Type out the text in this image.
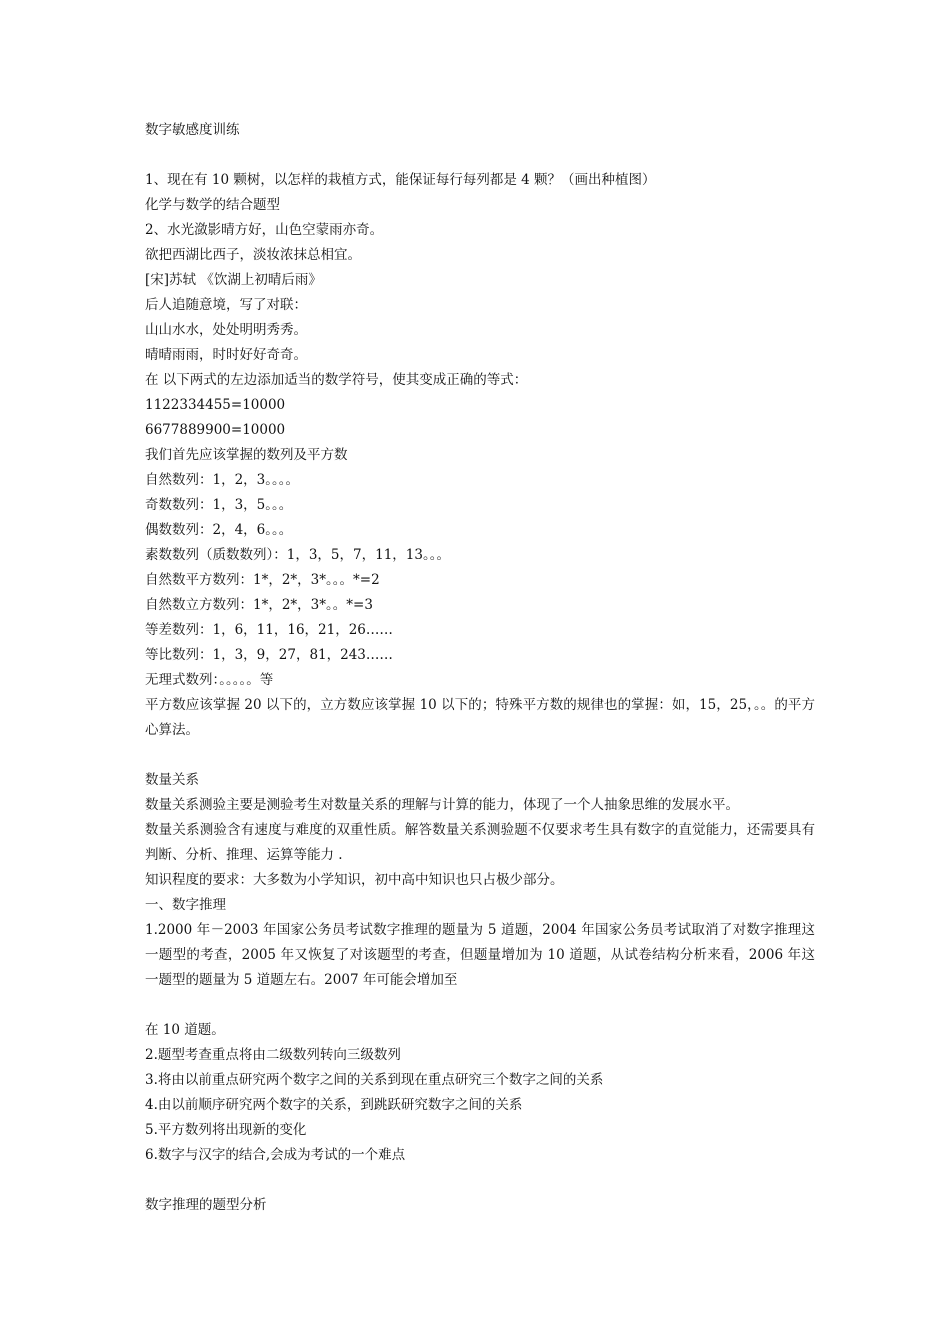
数字敏感度训练
1、现在有 10 颗树，以怎样的栽植方式，能保证每行每列都是 4 颗？（画出种植图）
化学与数学的结合题型
2、水光潋影晴方好，山色空蒙雨亦奇。
欲把西湖比西子，淡妆浓抹总相宜。
[宋]苏轼 《饮湖上初晴后雨》
后人追随意境，写了对联：
山山水水，处处明明秀秀。
晴晴雨雨，时时好好奇奇。
在 以下两式的左边添加适当的数学符号，使其变成正确的等式：
1122334455=10000
6677889900=10000
我们首先应该掌握的数列及平方数
自然数列：1，2，3。。。。
奇数数列：1，3，5。。。
偶数数列：2，4，6。。。
素数数列（质数数列）：1，3，5，7，11，13。。。
自然数平方数列：1*，2*，3*。。。*=2
自然数立方数列：1*，2*，3*。。*=3
等差数列：1，6，11，16，21，26……
等比数列：1，3，9，27，81，243……
无理式数列：。。。。。等
平方数应该掌握 20 以下的，立方数应该掌握 10 以下的；特殊平方数的规律也的掌握：如，15，25，。。的平方心算法。
数量关系
数量关系测验主要是测验考生对数量关系的理解与计算的能力，体现了一个人抽象思维的发展水平。
数量关系测验含有速度与难度的双重性质。解答数量关系测验题不仅要求考生具有数字的直觉能力，还需要具有判断、分析、推理、运算等能力 .
知识程度的要求：大多数为小学知识，初中高中知识也只占极少部分。
一、数字推理
1.2000 年－2003 年国家公务员考试数字推理的题量为 5 道题，2004 年国家公务员考试取消了对数字推理这一题型的考查，2005 年又恢复了对该题型的考查，但题量增加为 10 道题，从试卷结构分析来看，2006 年这一题型的题量为 5 道题左右。2007 年可能会增加至
在 10 道题。
2.题型考查重点将由二级数列转向三级数列
3.将由以前重点研究两个数字之间的关系到现在重点研究三个数字之间的关系
4.由以前顺序研究两个数字的关系，到跳跃研究数字之间的关系
5.平方数列将出现新的变化
6.数字与汉字的结合,会成为考试的一个难点
数字推理的题型分析
